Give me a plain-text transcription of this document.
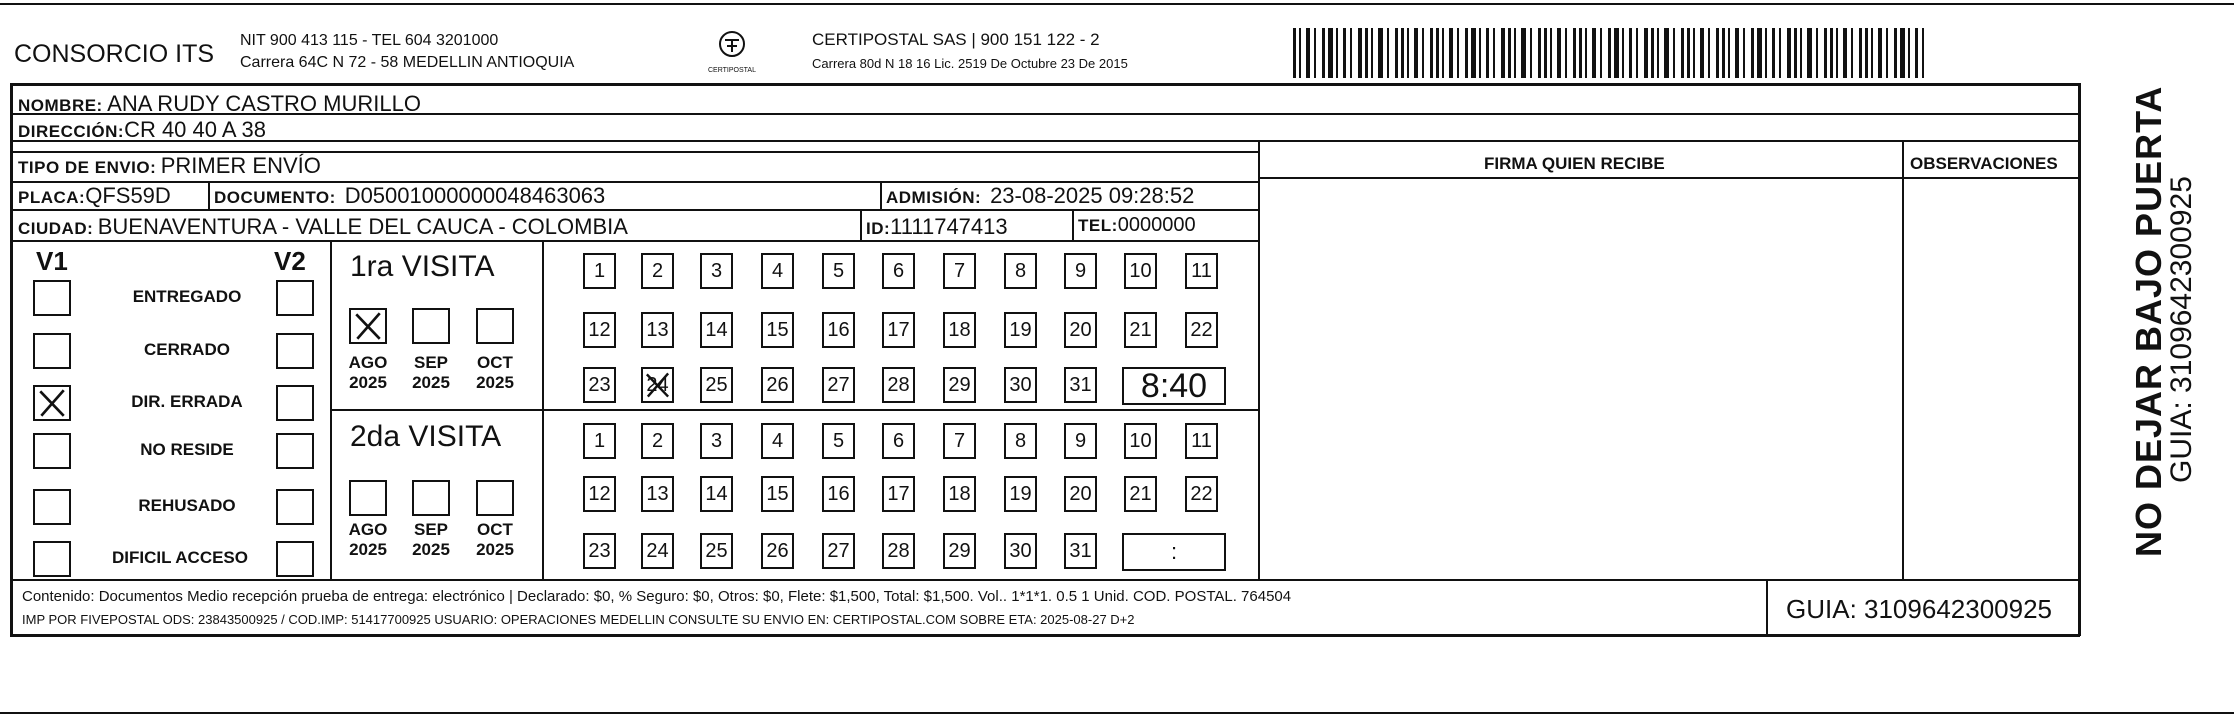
CONSORCIO ITS NIT 900 413 115 - TEL 604 3201000
Carrera 64C N 72 - 58 MEDELLIN ANTIOQUIA	CERTIPOSTAL
CERTIPOSTAL SAS | 900 151 122 - 2
Carrera 80d N 18 16 Lic. 2519 De Octubre 23 De 2015
NOMBRE: ANA RUDY CASTRO MURILLO
DIRECCIÓN:CR 40 40 A 38
TIPO DE ENVIO: PRIMER ENVÍO	FIRMA QUIEN RECIBE	OBSERVACIONES
PLACA:QFS59D	DOCUMENTO: D05001000000048463063	ADMISIÓN: 23-08-2025 09:28:52
CIUDAD: BUENAVENTURA - VALLE DEL CAUCA - COLOMBIA	ID:1111747413	TEL:0000000
V1	V2
ENTREGADO
CERRADO
DIR. ERRADA
NO RESIDE
REHUSADO
DIFICIL ACCESO
1ra VISITA
2da VISITA
AGO
2025
SEP
2025
OCT
2025
AGO
2025
SEP
2025
OCT
2025
1 2 3 4 5 6 7 8 9 10 11
12 13 14 15 16 17 18 19 20 21 22
23 24 25 26 27 28 29 30 31	8:40
1 2 3 4 5 6 7 8 9 10 11
12 13 14 15 16 17 18 19 20 21 22
23 24 25 26 27 28 29 30 31	:
Contenido: Documentos Medio recepción prueba de entrega: electrónico | Declarado: $0, % Seguro: $0, Otros: $0, Flete: $1,500, Total: $1,500. Vol.. 1*1*1. 0.5 1 Unid. COD. POSTAL. 764504
IMP POR FIVEPOSTAL ODS: 23843500925 / COD.IMP: 51417700925 USUARIO: OPERACIONES MEDELLIN CONSULTE SU ENVIO EN: CERTIPOSTAL.COM SOBRE ETA: 2025-08-27 D+2	GUIA: 3109642300925
NO DEJAR BAJO PUERTA
GUIA: 3109642300925
